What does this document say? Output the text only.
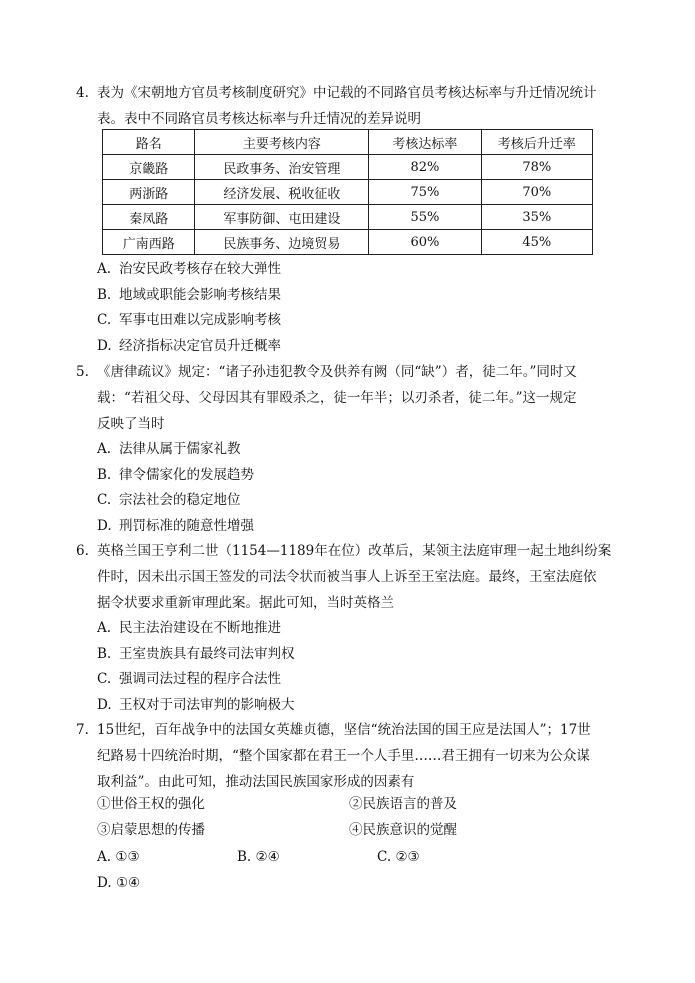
4. 表为《宋朝地方官员考核制度研究》中记载的不同路官员考核达标率与升迁情况统计
表。表中不同路官员考核达标率与升迁情况的差异说明
路名	主要考核内容	考核达标率	考核后升迁率
京畿路	民政事务、治安管理	82%	78%
两浙路	经济发展、税收征收	75%	70%
秦凤路	军事防御、屯田建设	55%	35%
广南西路	民族事务、边境贸易	60%	45%
A. 治安民政考核存在较大弹性
B. 地域或职能会影响考核结果
C. 军事屯田难以完成影响考核
D. 经济指标决定官员升迁概率
5. 《唐律疏议》规定：“诸子孙违犯教令及供养有阙（同“缺”）者，徒二年。”同时又
载：“若祖父母、父母因其有罪殴杀之，徒一年半；以刃杀者，徒二年。”这一规定
反映了当时
A. 法律从属于儒家礼教
B. 律令儒家化的发展趋势
C. 宗法社会的稳定地位
D. 刑罚标准的随意性增强
6. 英格兰国王亨利二世（1154—1189年在位）改革后，某领主法庭审理一起土地纠纷案
件时，因未出示国王签发的司法令状而被当事人上诉至王室法庭。最终，王室法庭依
据令状要求重新审理此案。据此可知，当时英格兰
A. 民主法治建设在不断地推进
B. 王室贵族具有最终司法审判权
C. 强调司法过程的程序合法性
D. 王权对于司法审判的影响极大
7. 15世纪，百年战争中的法国女英雄贞德，坚信“统治法国的国王应是法国人”；17世
纪路易十四统治时期，“整个国家都在君王一个人手里……君王拥有一切来为公众谋
取利益”。由此可知，推动法国民族国家形成的因素有
①世俗王权的强化	②民族语言的普及
③启蒙思想的传播	④民族意识的觉醒
A. ①③	B. ②④	C. ②③D. ①④
